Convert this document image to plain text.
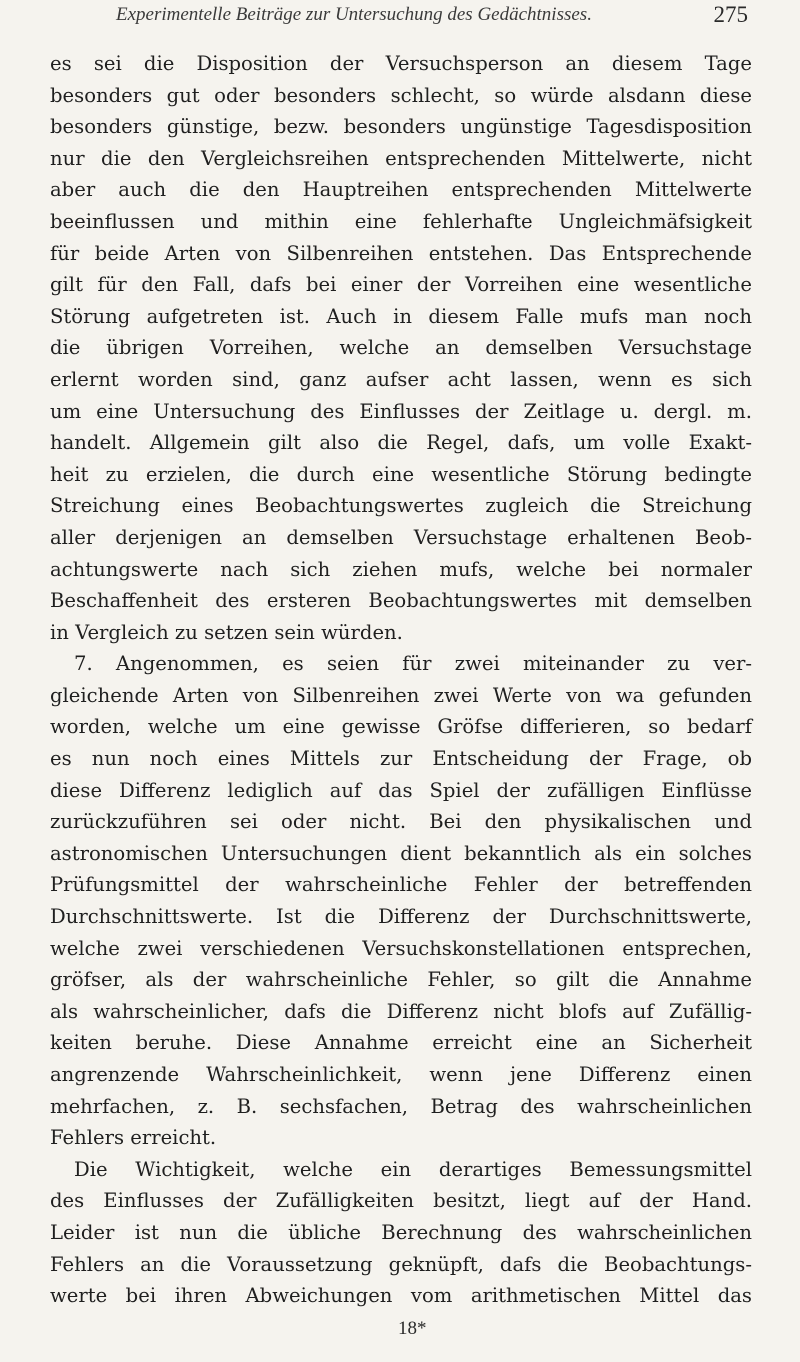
Experimentelle Beiträge zur Untersuchung des Gedächtnisses.	275
es sei die Disposition der Versuchsperson an diesem Tage
besonders gut oder besonders schlecht, so würde alsdann diese
besonders günstige, bezw. besonders ungünstige Tagesdisposition
nur die den Vergleichsreihen entsprechenden Mittelwerte, nicht
aber auch die den Hauptreihen entsprechenden Mittelwerte
beeinflussen und mithin eine fehlerhafte Ungleichmäfsigkeit
für beide Arten von Silbenreihen entstehen. Das Entsprechende
gilt für den Fall, dafs bei einer der Vorreihen eine wesentliche
Störung aufgetreten ist. Auch in diesem Falle mufs man noch
die übrigen Vorreihen, welche an demselben Versuchstage
erlernt worden sind, ganz aufser acht lassen, wenn es sich
um eine Untersuchung des Einflusses der Zeitlage u. dergl. m.
handelt. Allgemein gilt also die Regel, dafs, um volle Exakt-
heit zu erzielen, die durch eine wesentliche Störung bedingte
Streichung eines Beobachtungswertes zugleich die Streichung
aller derjenigen an demselben Versuchstage erhaltenen Beob-
achtungswerte nach sich ziehen mufs, welche bei normaler
Beschaffenheit des ersteren Beobachtungswertes mit demselben
in Vergleich zu setzen sein würden.
7. Angenommen, es seien für zwei miteinander zu ver-
gleichende Arten von Silbenreihen zwei Werte von wa gefunden
worden, welche um eine gewisse Gröfse differieren, so bedarf
es nun noch eines Mittels zur Entscheidung der Frage, ob
diese Differenz lediglich auf das Spiel der zufälligen Einflüsse
zurückzuführen sei oder nicht. Bei den physikalischen und
astronomischen Untersuchungen dient bekanntlich als ein solches
Prüfungsmittel der wahrscheinliche Fehler der betreffenden
Durchschnittswerte. Ist die Differenz der Durchschnittswerte,
welche zwei verschiedenen Versuchskonstellationen entsprechen,
gröfser, als der wahrscheinliche Fehler, so gilt die Annahme
als wahrscheinlicher, dafs die Differenz nicht blofs auf Zufällig-
keiten beruhe. Diese Annahme erreicht eine an Sicherheit
angrenzende Wahrscheinlichkeit, wenn jene Differenz einen
mehrfachen, z. B. sechsfachen, Betrag des wahrscheinlichen
Fehlers erreicht.
Die Wichtigkeit, welche ein derartiges Bemessungsmittel
des Einflusses der Zufälligkeiten besitzt, liegt auf der Hand.
Leider ist nun die übliche Berechnung des wahrscheinlichen
Fehlers an die Voraussetzung geknüpft, dafs die Beobachtungs-
werte bei ihren Abweichungen vom arithmetischen Mittel das
18*
